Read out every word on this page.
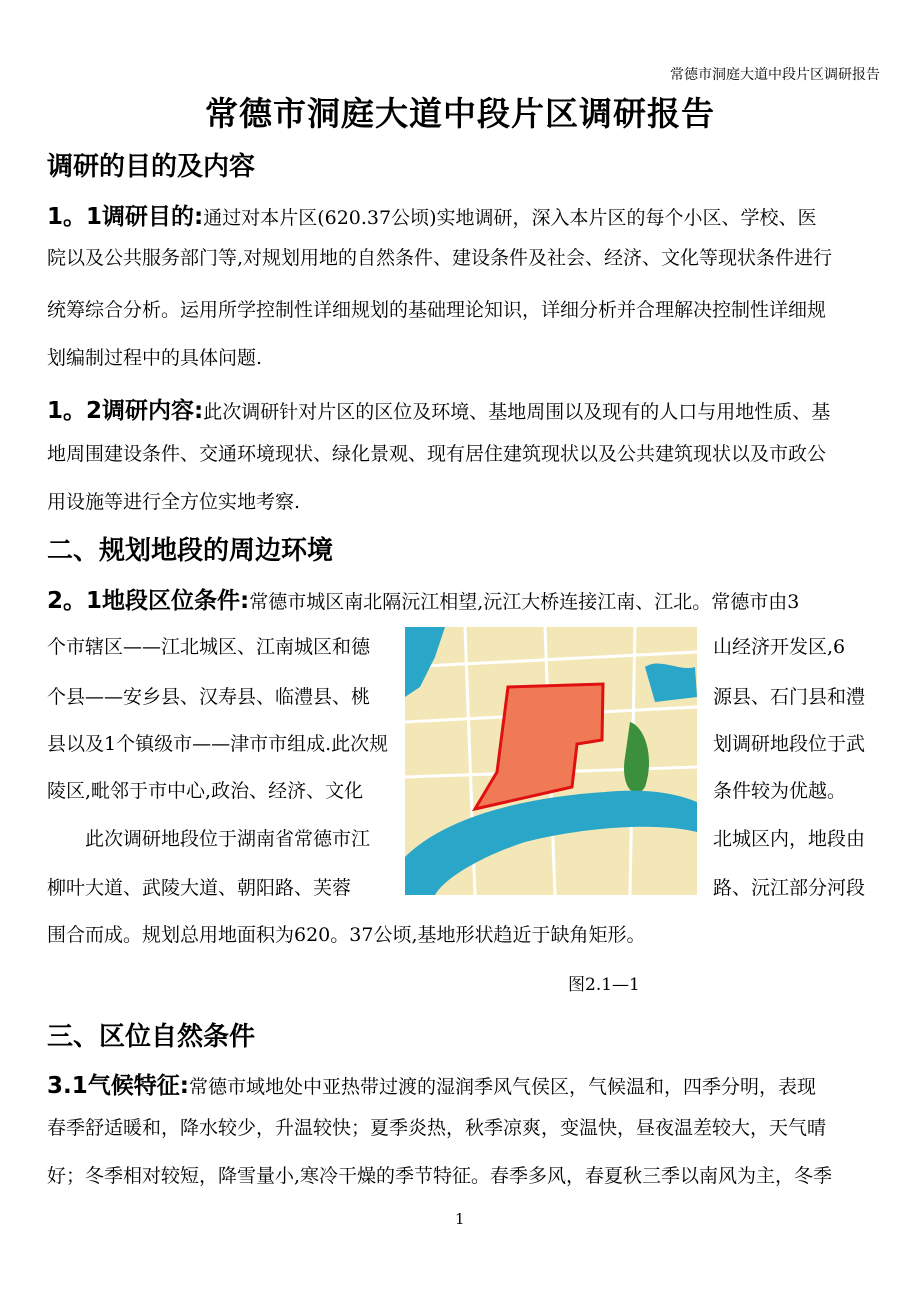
常德市洞庭大道中段片区调研报告
常德市洞庭大道中段片区调研报告
调研的目的及内容
1。1调研目的:通过对本片区(620.37公顷)实地调研，深入本片区的每个小区、学校、医
院以及公共服务部门等,对规划用地的自然条件、建设条件及社会、经济、文化等现状条件进行
统筹综合分析。运用所学控制性详细规划的基础理论知识，详细分析并合理解决控制性详细规
划编制过程中的具体问题.
1。2调研内容:此次调研针对片区的区位及环境、基地周围以及现有的人口与用地性质、基
地周围建设条件、交通环境现状、绿化景观、现有居住建筑现状以及公共建筑现状以及市政公
用设施等进行全方位实地考察.
二、规划地段的周边环境
2。1地段区位条件:常德市城区南北隔沅江相望,沅江大桥连接江南、江北。常德市由3
个市辖区——江北城区、江南城区和德
个县——安乡县、汉寿县、临澧县、桃
县以及1个镇级市——津市市组成.此次规
陵区,毗邻于市中心,政治、经济、文化
　　此次调研地段位于湖南省常德市江
柳叶大道、武陵大道、朝阳路、芙蓉
山经济开发区,6
源县、石门县和澧
划调研地段位于武
条件较为优越。
北城区内，地段由
路、沅江部分河段
围合而成。规划总用地面积为620。37公顷,基地形状趋近于缺角矩形。
图2.1—1
三、区位自然条件
3.1气候特征:常德市域地处中亚热带过渡的湿润季风气侯区，气候温和，四季分明，表现
春季舒适暖和，降水较少，升温较快；夏季炎热，秋季凉爽，变温快，昼夜温差较大，天气晴
好；冬季相对较短，降雪量小,寒冷干燥的季节特征。春季多风，春夏秋三季以南风为主，冬季
1
